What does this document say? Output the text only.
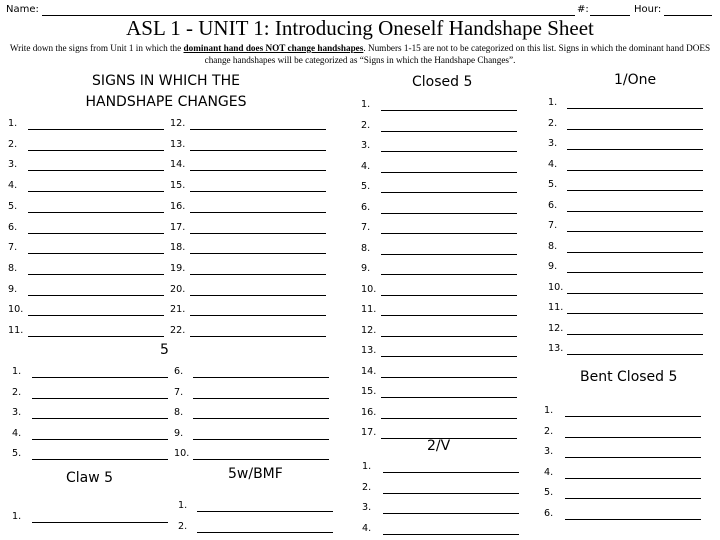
Name:	#:	Hour:
ASL 1 - UNIT 1: Introducing Oneself Handshape Sheet
Write down the signs from Unit 1 in which the dominant hand does NOT change handshapes. Numbers 1-15 are not to be categorized on this list. Signs in which the dominant hand DOES change handshapes will be categorized as “Signs in which the Handshape Changes”.
SIGNS IN WHICH THE
HANDSHAPE CHANGES
Closed 5	1/One
5
Bent Closed 5
2/V
Claw 5	5w/BMF
1.
2.
3.
4.
5.
6.
7.
8.
9.
10.
11.
12.
13.
14.
15.
16.
17.
18.
19.
20.
21.
22.
1.
2.
3.
4.
5.
6.
7.
8.
9.
10.
1.
1.
2.
1.
2.
3.
4.
5.
6.
7.
8.
9.
10.
11.
12.
13.
14.
15.
16.
17.
1.
2.
3.
4.
1.
2.
3.
4.
5.
6.
7.
8.
9.
10.
11.
12.
13.
1.
2.
3.
4.
5.
6.
